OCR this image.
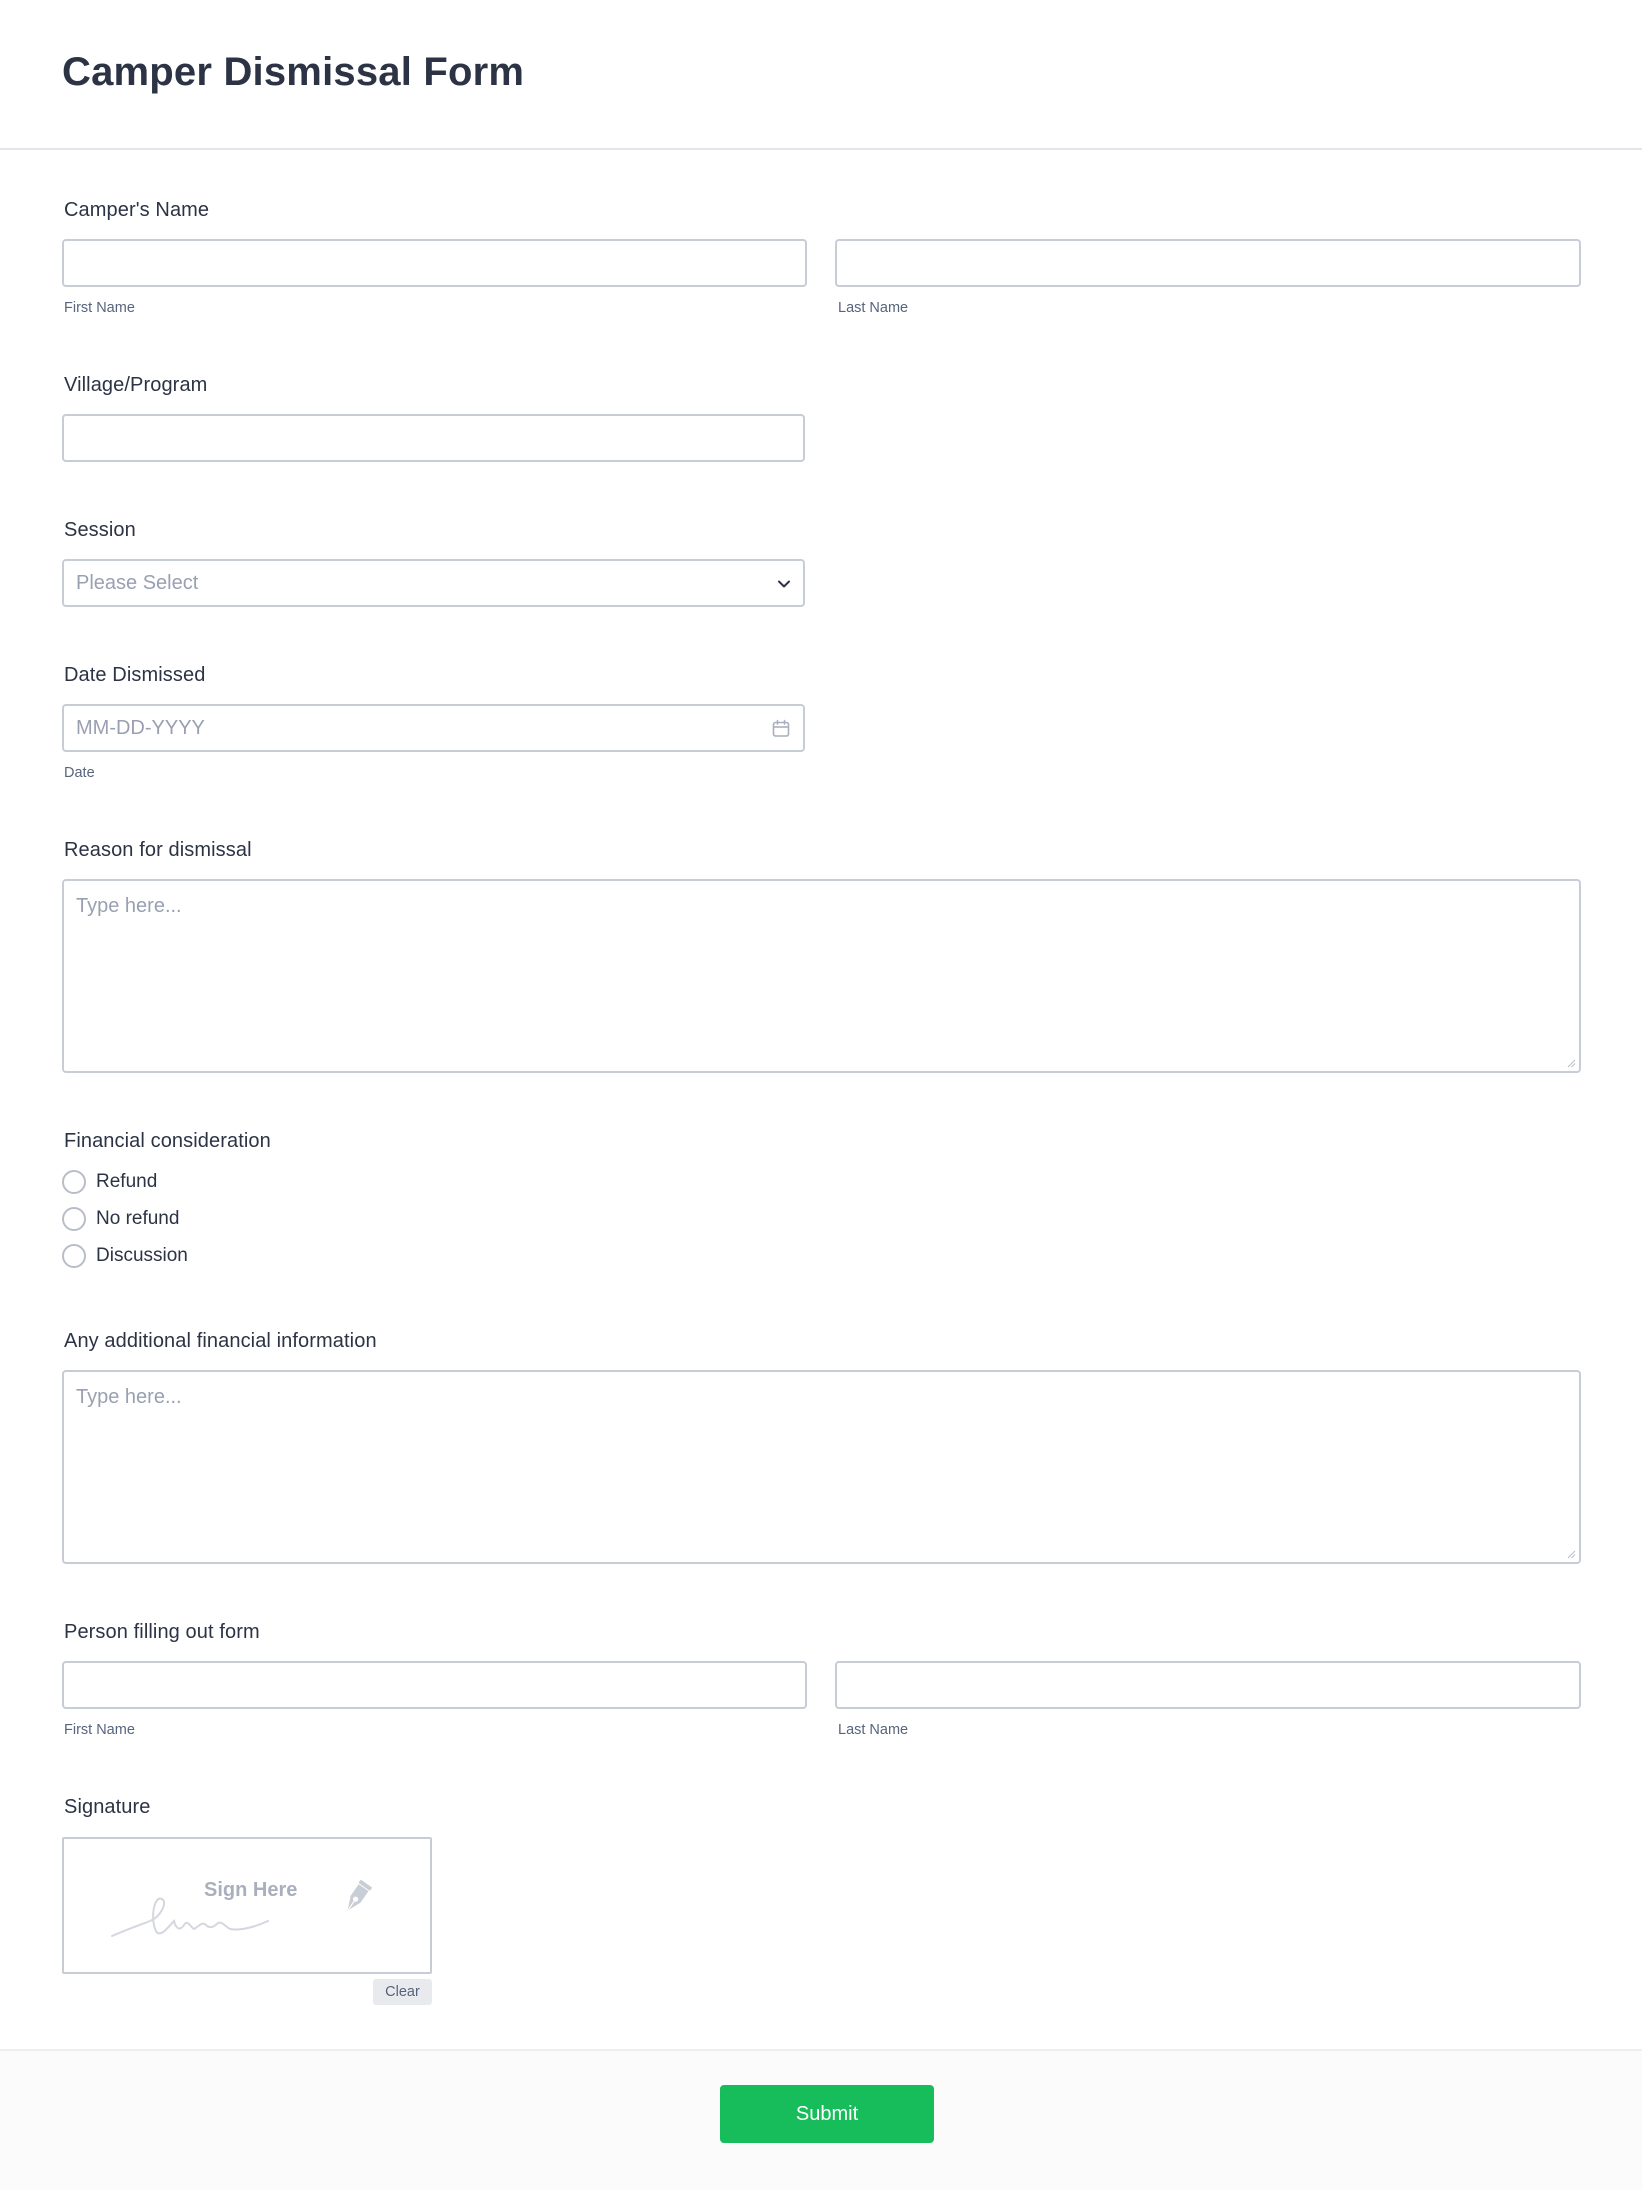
Camper Dismissal Form
Camper's Name
First Name	Last Name
Village/Program
Session
Please Select
Date Dismissed
MM-DD-YYYY
Date
Reason for dismissal
Type here...
Financial consideration
Refund
No refund
Discussion
Any additional financial information
Type here...
Person filling out form
First Name	Last Name
Signature
Sign Here
Clear
Submit
